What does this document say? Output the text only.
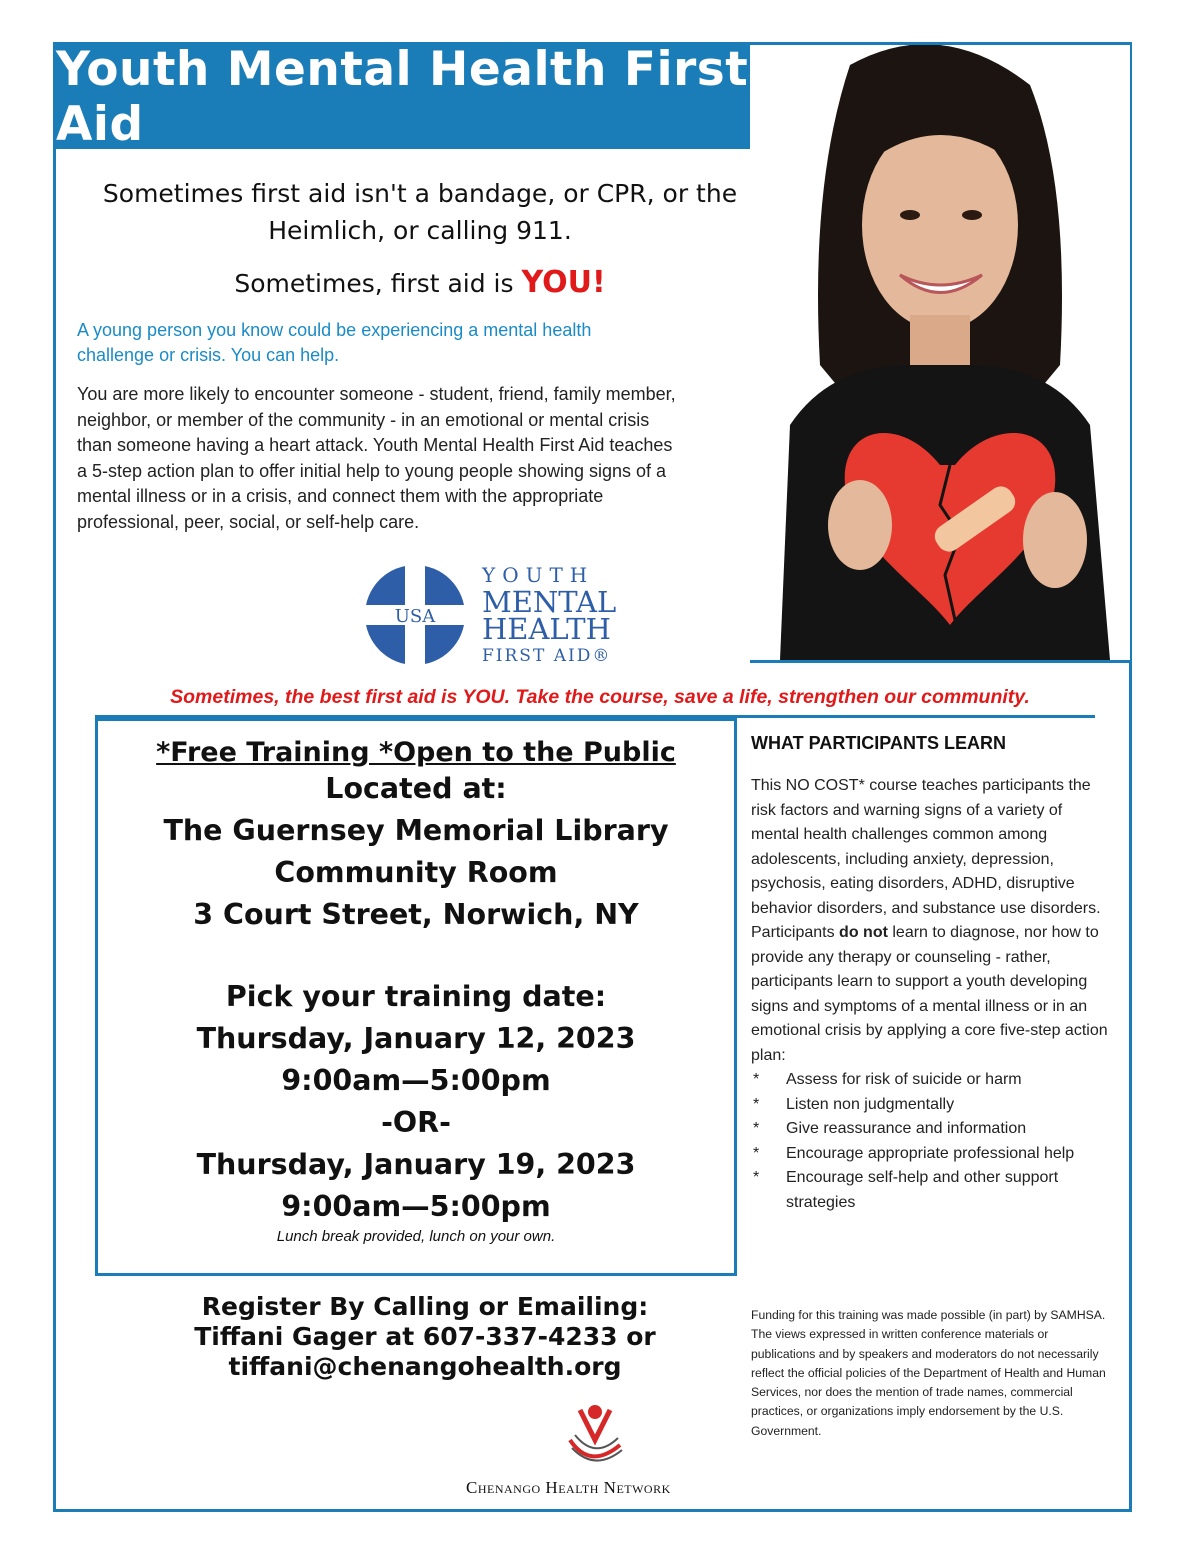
Youth Mental Health First Aid
Sometimes first aid isn't a bandage, or CPR, or the Heimlich, or calling 911.
Sometimes, first aid is YOU!
A young person you know could be experiencing a mental health challenge or crisis. You can help.
You are more likely to encounter someone - student, friend, family member, neighbor, or member of the community - in an emotional or mental crisis than someone having a heart attack. Youth Mental Health First Aid teaches a 5-step action plan to offer initial help to young people showing signs of a mental illness or in a crisis, and connect them with the appropriate professional, peer, social, or self-help care.
USA
YOUTH
MENTAL
HEALTH
FIRST AID®
Sometimes, the best first aid is YOU. Take the course, save a life, strengthen our community.
*Free Training *Open to the Public
Located at:
The Guernsey Memorial Library
Community Room
3 Court Street, Norwich, NY
Pick your training date:
Thursday, January 12, 2023
9:00am—5:00pm
-OR-
Thursday, January 19, 2023
9:00am—5:00pm
Lunch break provided, lunch on your own.
Register By Calling or Emailing:
Tiffani Gager at 607-337-4233 or
tiffani@chenangohealth.org
Chenango Health Network
WHAT PARTICIPANTS LEARN
This NO COST* course teaches participants the risk factors and warning signs of a variety of mental health challenges common among adolescents, including anxiety, depression, psychosis, eating disorders, ADHD, disruptive behavior disorders, and substance use disorders.
Participants do not learn to diagnose, nor how to provide any therapy or counseling - rather, participants learn to support a youth developing signs and symptoms of a mental illness or in an emotional crisis by applying a core five-step action plan:
* Assess for risk of suicide or harm
* Listen non judgmentally
* Give reassurance and information
* Encourage appropriate professional help
* Encourage self-help and other support strategies
Funding for this training was made possible (in part) by SAMHSA. The views expressed in written conference materials or publications and by speakers and moderators do not necessarily reflect the official policies of the Department of Health and Human Services, nor does the mention of trade names, commercial practices, or organizations imply endorsement by the U.S. Government.
